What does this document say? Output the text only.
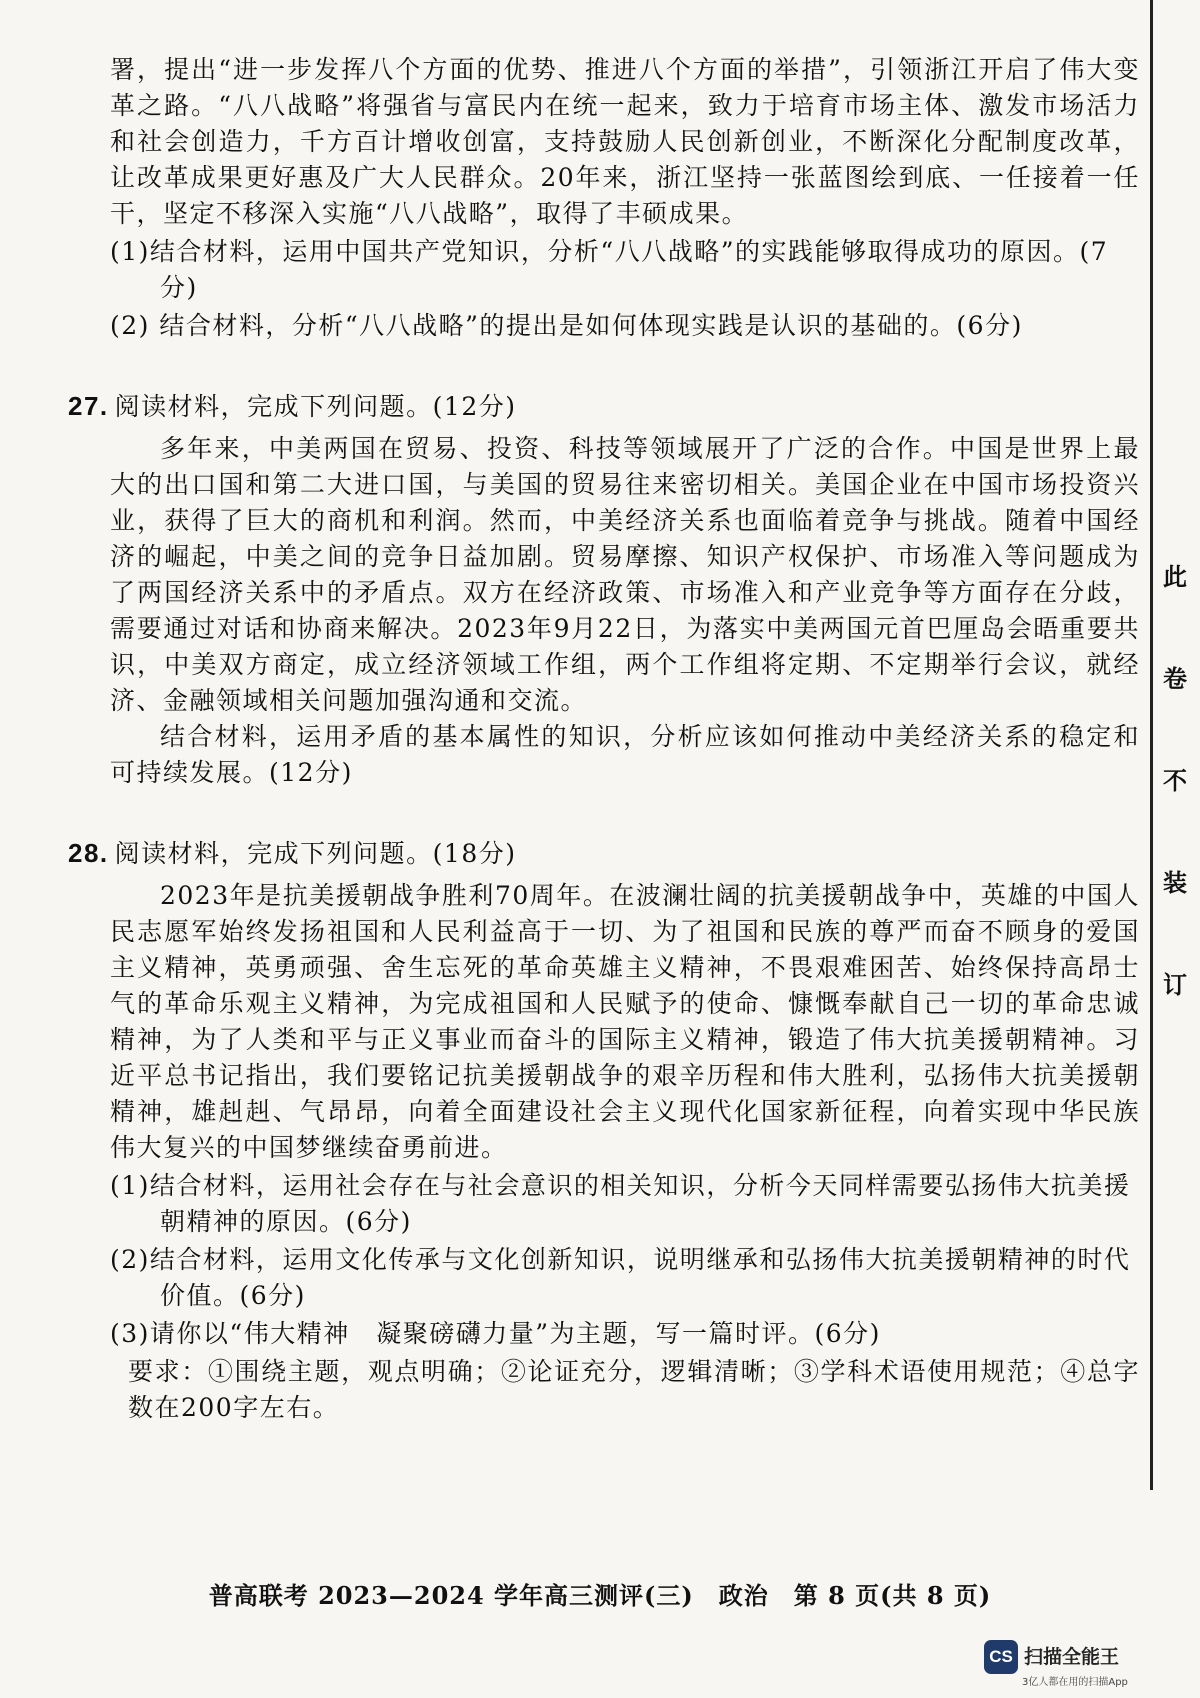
署，提出“进一步发挥八个方面的优势、推进八个方面的举措”，引领浙江开启了伟大变革之路。“八八战略”将强省与富民内在统一起来，致力于培育市场主体、激发市场活力和社会创造力，千方百计增收创富，支持鼓励人民创新创业，不断深化分配制度改革，让改革成果更好惠及广大人民群众。20年来，浙江坚持一张蓝图绘到底、一任接着一任干，坚定不移深入实施“八八战略”，取得了丰硕成果。

(1)结合材料，运用中国共产党知识，分析“八八战略”的实践能够取得成功的原因。(7分)

(2) 结合材料，分析“八八战略”的提出是如何体现实践是认识的基础的。(6分)

27. 阅读材料，完成下列问题。(12分)

多年来，中美两国在贸易、投资、科技等领域展开了广泛的合作。中国是世界上最大的出口国和第二大进口国，与美国的贸易往来密切相关。美国企业在中国市场投资兴业，获得了巨大的商机和利润。然而，中美经济关系也面临着竞争与挑战。随着中国经济的崛起，中美之间的竞争日益加剧。贸易摩擦、知识产权保护、市场准入等问题成为了两国经济关系中的矛盾点。双方在经济政策、市场准入和产业竞争等方面存在分歧，需要通过对话和协商来解决。2023年9月22日，为落实中美两国元首巴厘岛会晤重要共识，中美双方商定，成立经济领域工作组，两个工作组将定期、不定期举行会议，就经济、金融领域相关问题加强沟通和交流。

结合材料，运用矛盾的基本属性的知识，分析应该如何推动中美经济关系的稳定和可持续发展。(12分)

28. 阅读材料，完成下列问题。(18分)

2023年是抗美援朝战争胜利70周年。在波澜壮阔的抗美援朝战争中，英雄的中国人民志愿军始终发扬祖国和人民利益高于一切、为了祖国和民族的尊严而奋不顾身的爱国主义精神，英勇顽强、舍生忘死的革命英雄主义精神，不畏艰难困苦、始终保持高昂士气的革命乐观主义精神，为完成祖国和人民赋予的使命、慷慨奉献自己一切的革命忠诚精神，为了人类和平与正义事业而奋斗的国际主义精神，锻造了伟大抗美援朝精神。习近平总书记指出，我们要铭记抗美援朝战争的艰辛历程和伟大胜利，弘扬伟大抗美援朝精神，雄赳赳、气昂昂，向着全面建设社会主义现代化国家新征程，向着实现中华民族伟大复兴的中国梦继续奋勇前进。

(1)结合材料，运用社会存在与社会意识的相关知识，分析今天同样需要弘扬伟大抗美援朝精神的原因。(6分)

(2)结合材料，运用文化传承与文化创新知识，说明继承和弘扬伟大抗美援朝精神的时代价值。(6分)

(3)请你以“伟大精神　凝聚磅礴力量”为主题，写一篇时评。(6分)

要求：①围绕主题，观点明确；②论证充分，逻辑清晰；③学科术语使用规范；④总字数在200字左右。

此
卷
不
装
订
普高联考 2023—2024 学年高三测评(三)　政治　第 8 页(共 8 页)
CS 扫描全能王
3亿人都在用的扫描App
